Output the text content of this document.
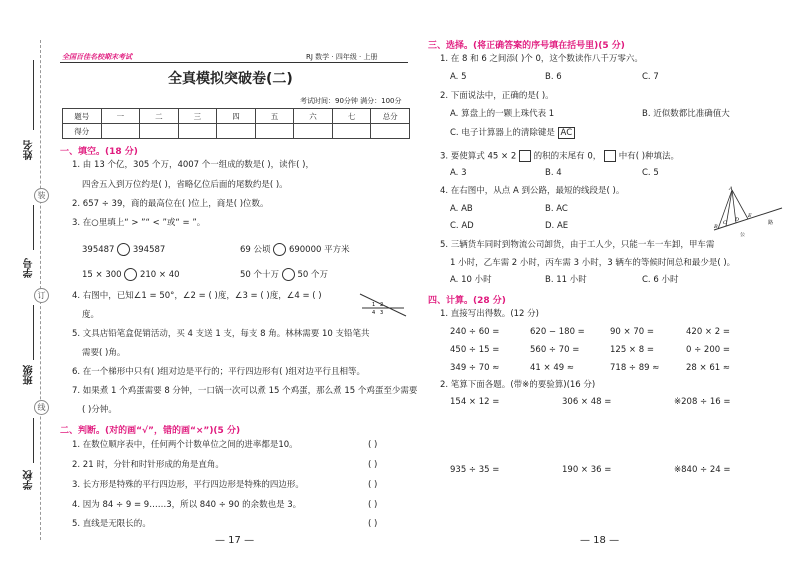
姓名
装
学号
订
班级
线
学校
全国百佳名校期末考试	RJ 数学 · 四年级 · 上册
全真模拟突破卷(二)
考试时间：90分钟 满分：100分
题号	一	二	三	四	五	六	七	总分
得分								
一、填空。(18 分)
1. 由 13 个亿，305 个万，4007 个一组成的数是( )，读作( )，
四舍五入到万位约是( )，省略亿位后面的尾数约是( )。
2. 657 ÷ 39，商的最高位在( )位上，商是( )位数。
3. 在○里填上“ > ”“ < ”或“ = ”。
395487 394587	69 公顷 690000 平方米
15 × 300 210 × 40	50 个十万 50 个万
4. 右图中，已知∠1 = 50°，∠2 = ( )度，∠3 = ( )度，∠4 = ( )
度。
1 2
4 3
5. 文具店铅笔盒促销活动，买 4 支送 1 支，每支 8 角。林林需要 10 支铅笔共
需要( )角。
6. 在一个梯形中只有( )组对边是平行的；平行四边形有( )组对边平行且相等。
7. 如果煮 1 个鸡蛋需要 8 分钟，一口锅一次可以煮 15 个鸡蛋，那么煮 15 个鸡蛋至少需要
( )分钟。
二、判断。(对的画“√”，错的画“×”)(5 分)
1. 在数位顺序表中，任何两个计数单位之间的进率都是10。	( )
2. 21 时，分针和时针形成的角是直角。	( )
3. 长方形是特殊的平行四边形，平行四边形是特殊的四边形。	( )
4. 因为 84 ÷ 9 = 9……3，所以 840 ÷ 90 的余数也是 3。	( )
5. 直线是无限长的。	( )
— 17 —
三、选择。(将正确答案的序号填在括号里)(5 分)
1. 在 8 和 6 之间添( )个 0，这个数读作八千万零六。
A. 5	B. 6	C. 7
2. 下面说法中，正确的是( )。
A. 算盘上的一颗上珠代表 1	B. 近似数都比准确值大
C. 电子计算器上的清除键是 AC
3. 要使算式 45 × 2 的积的末尾有 0， 中有( )种填法。
A. 3	B. 4	C. 5
4. 在右图中，从点 A 到公路，最短的线段是( )。
A. AB	B. AC
C. AD	D. AE
A
B
C D
E
公
路
5. 三辆货车同时到物流公司卸货，由于工人少，只能一车一车卸，甲车需
1 小时，乙车需 2 小时，丙车需 3 小时，3 辆车的等候时间总和最少是( )。
A. 10 小时	B. 11 小时	C. 6 小时
四、计算。(28 分)
1. 直接写出得数。(12 分)
240 ÷ 60 =	620 − 180 =	90 × 70 =	420 × 2 =
450 ÷ 15 =	560 ÷ 70 =	125 × 8 =	0 ÷ 200 =
349 ÷ 70 ≈	41 × 49 ≈	718 ÷ 89 ≈	28 × 61 ≈
2. 笔算下面各题。(带※的要验算)(16 分)
154 × 12 =	306 × 48 =	※208 ÷ 16 =
935 ÷ 35 =	190 × 36 =	※840 ÷ 24 =
— 18 —
